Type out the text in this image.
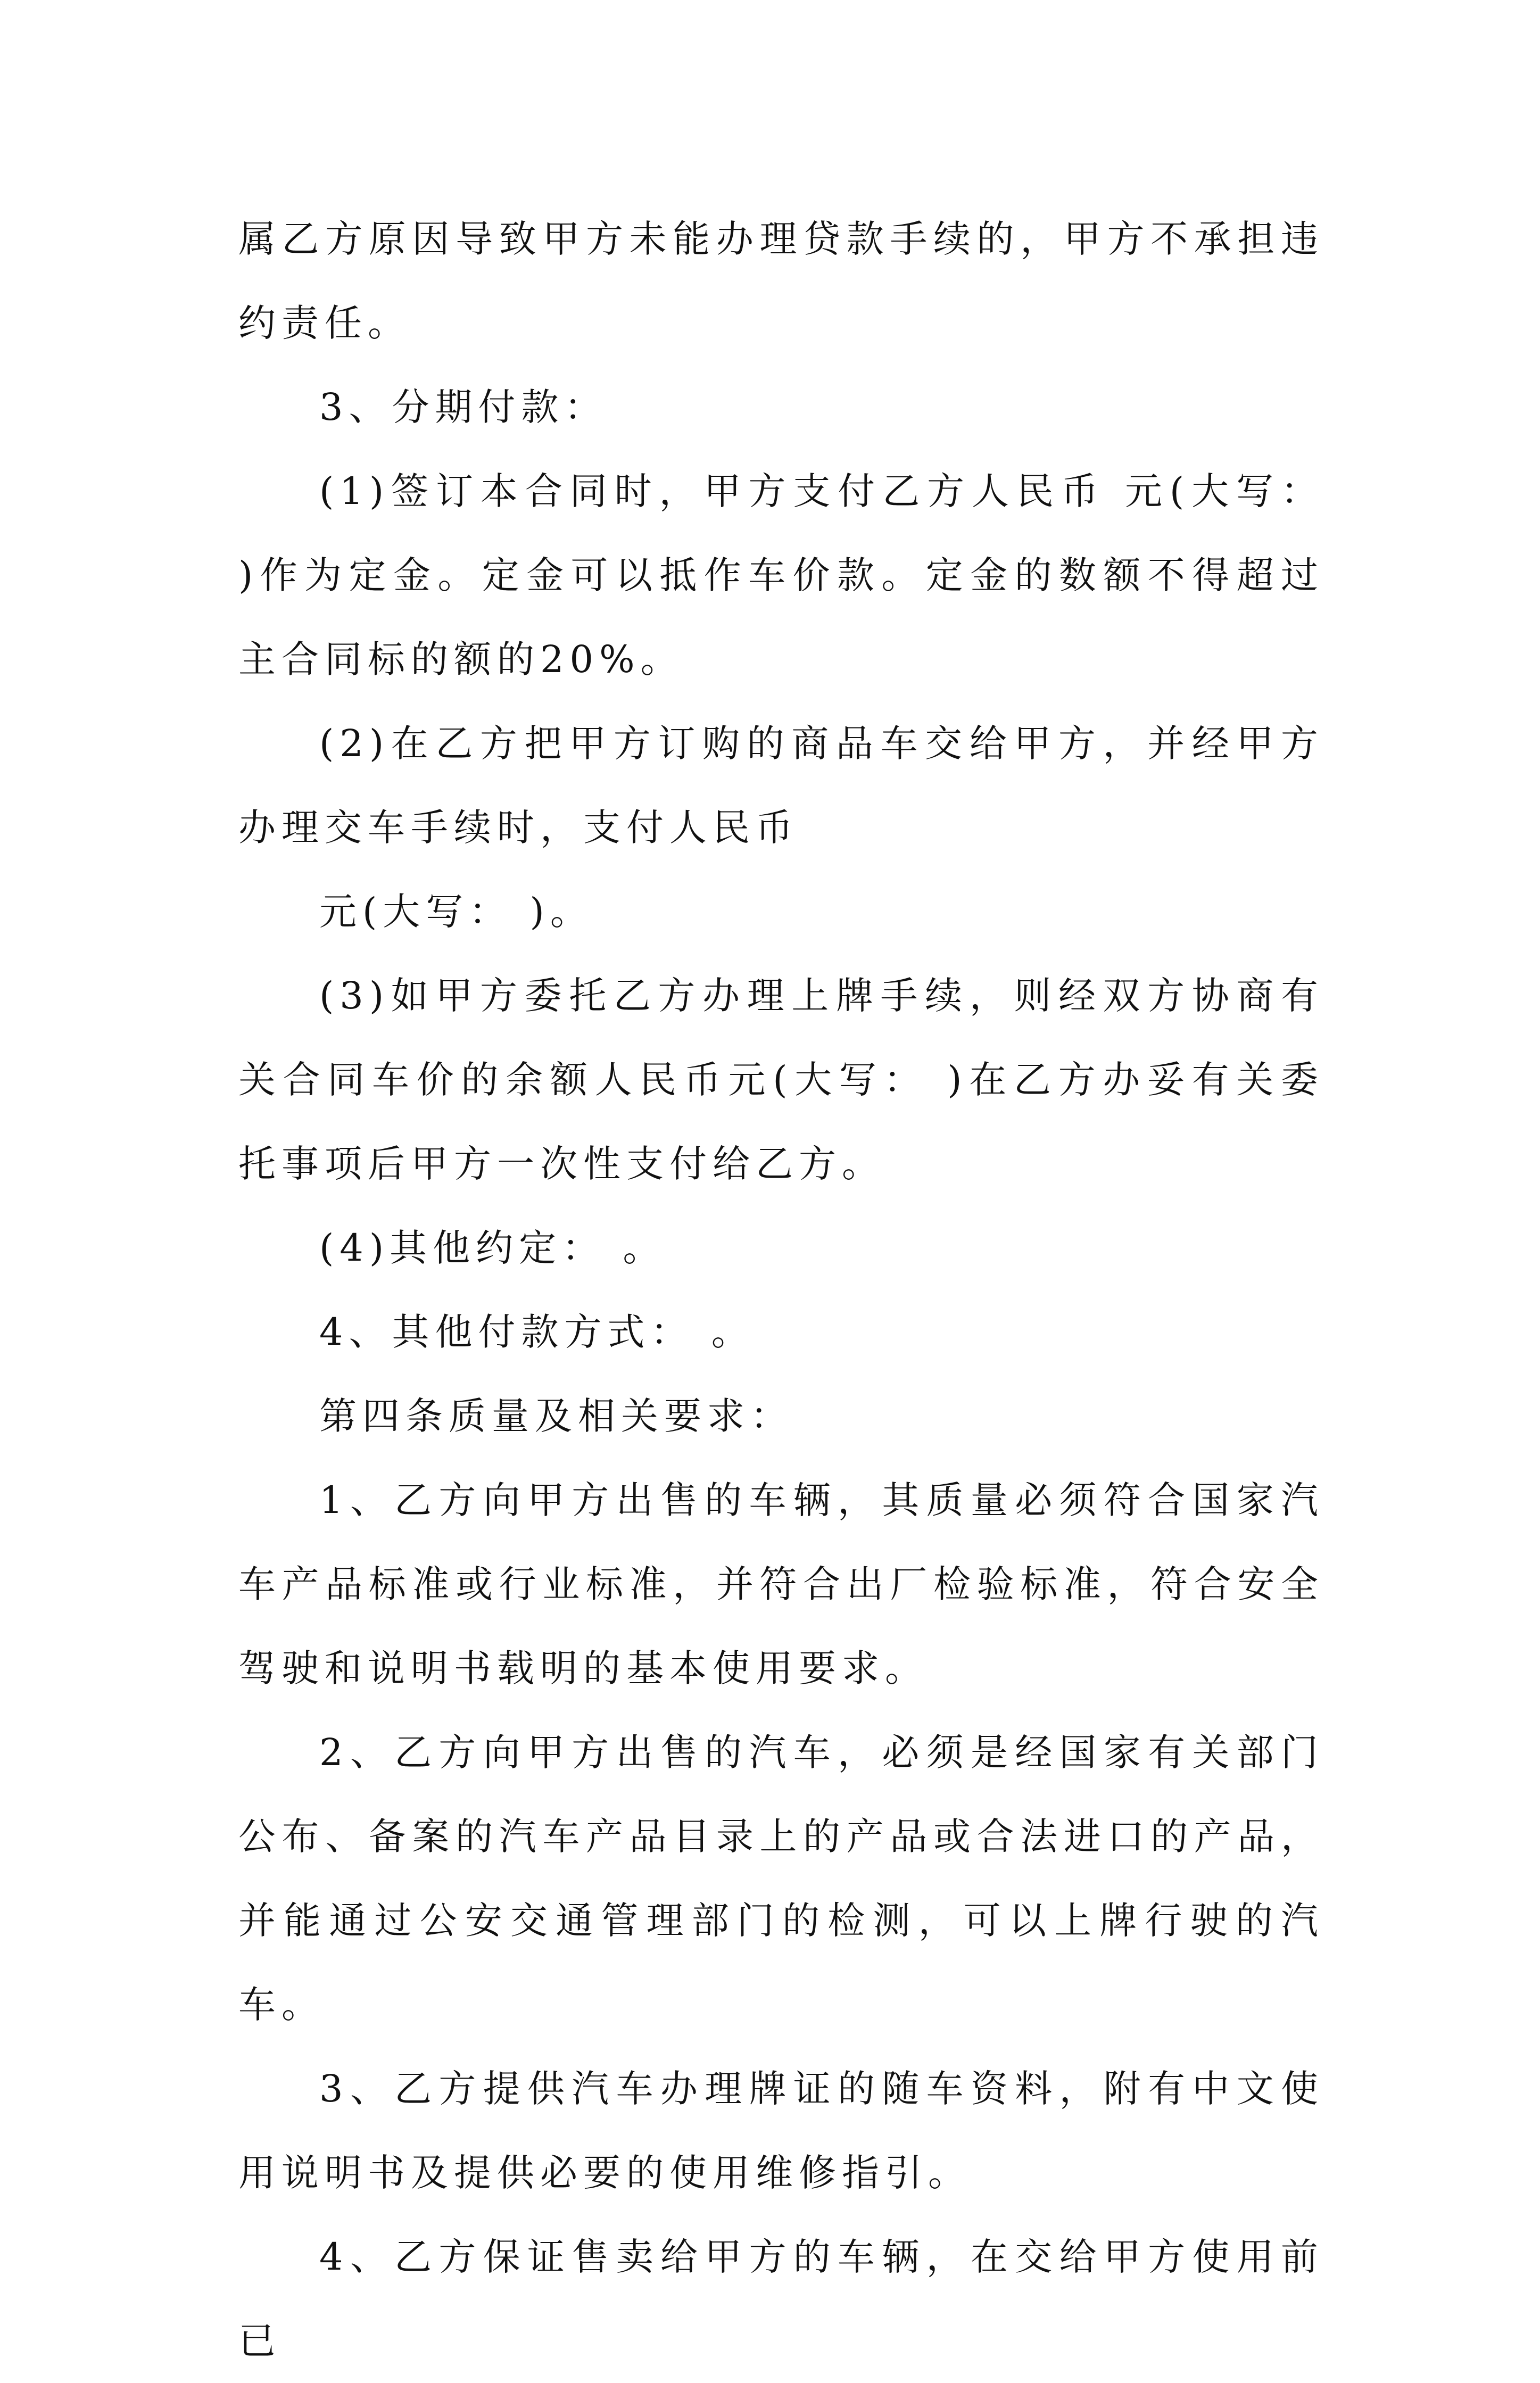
属乙方原因导致甲方未能办理贷款手续的，甲方不承担违约责任。

3、分期付款：

(1)签订本合同时，甲方支付乙方人民币 元(大写： )作为定金。定金可以抵作车价款。定金的数额不得超过主合同标的额的20%。

(2)在乙方把甲方订购的商品车交给甲方，并经甲方办理交车手续时，支付人民币

元(大写： )。

(3)如甲方委托乙方办理上牌手续，则经双方协商有关合同车价的余额人民币元(大写： )在乙方办妥有关委托事项后甲方一次性支付给乙方。

(4)其他约定： 。

4、其他付款方式： 。

第四条质量及相关要求：

1、乙方向甲方出售的车辆，其质量必须符合国家汽车产品标准或行业标准，并符合出厂检验标准，符合安全驾驶和说明书载明的基本使用要求。

2、乙方向甲方出售的汽车，必须是经国家有关部门公布、备案的汽车产品目录上的产品或合法进口的产品，并能通过公安交通管理部门的检测，可以上牌行驶的汽车。

3、乙方提供汽车办理牌证的随车资料，附有中文使用说明书及提供必要的使用维修指引。

4、乙方保证售卖给甲方的车辆，在交给甲方使用前已
